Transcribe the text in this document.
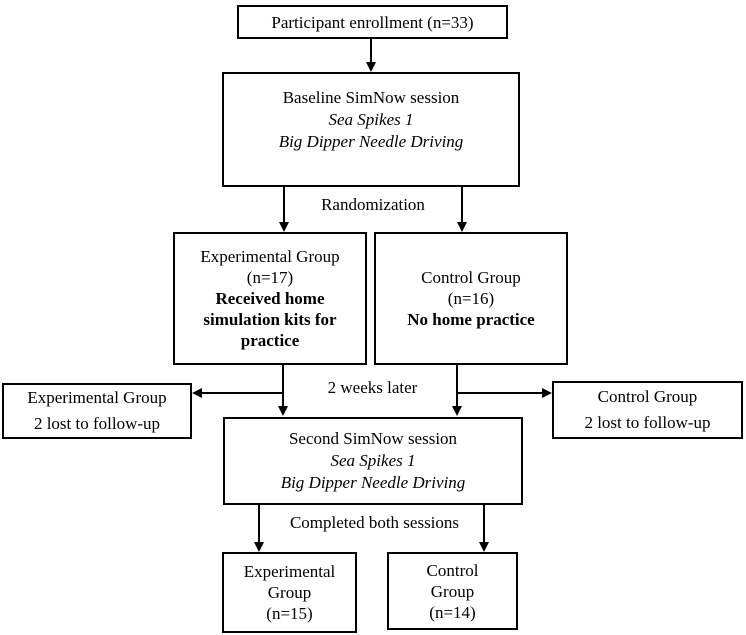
Participant enrollment (n=33)
Baseline SimNow session
Sea Spikes 1
Big Dipper Needle Driving
Randomization
Experimental Group
(n=17)
Received home
simulation kits for
practice
Control Group
(n=16)
No home practice
2 weeks later
Experimental Group
2 lost to follow-up
Control Group
2 lost to follow-up
Second SimNow session
Sea Spikes 1
Big Dipper Needle Driving
Completed both sessions
Experimental
Group
(n=15)
Control
Group
(n=14)
